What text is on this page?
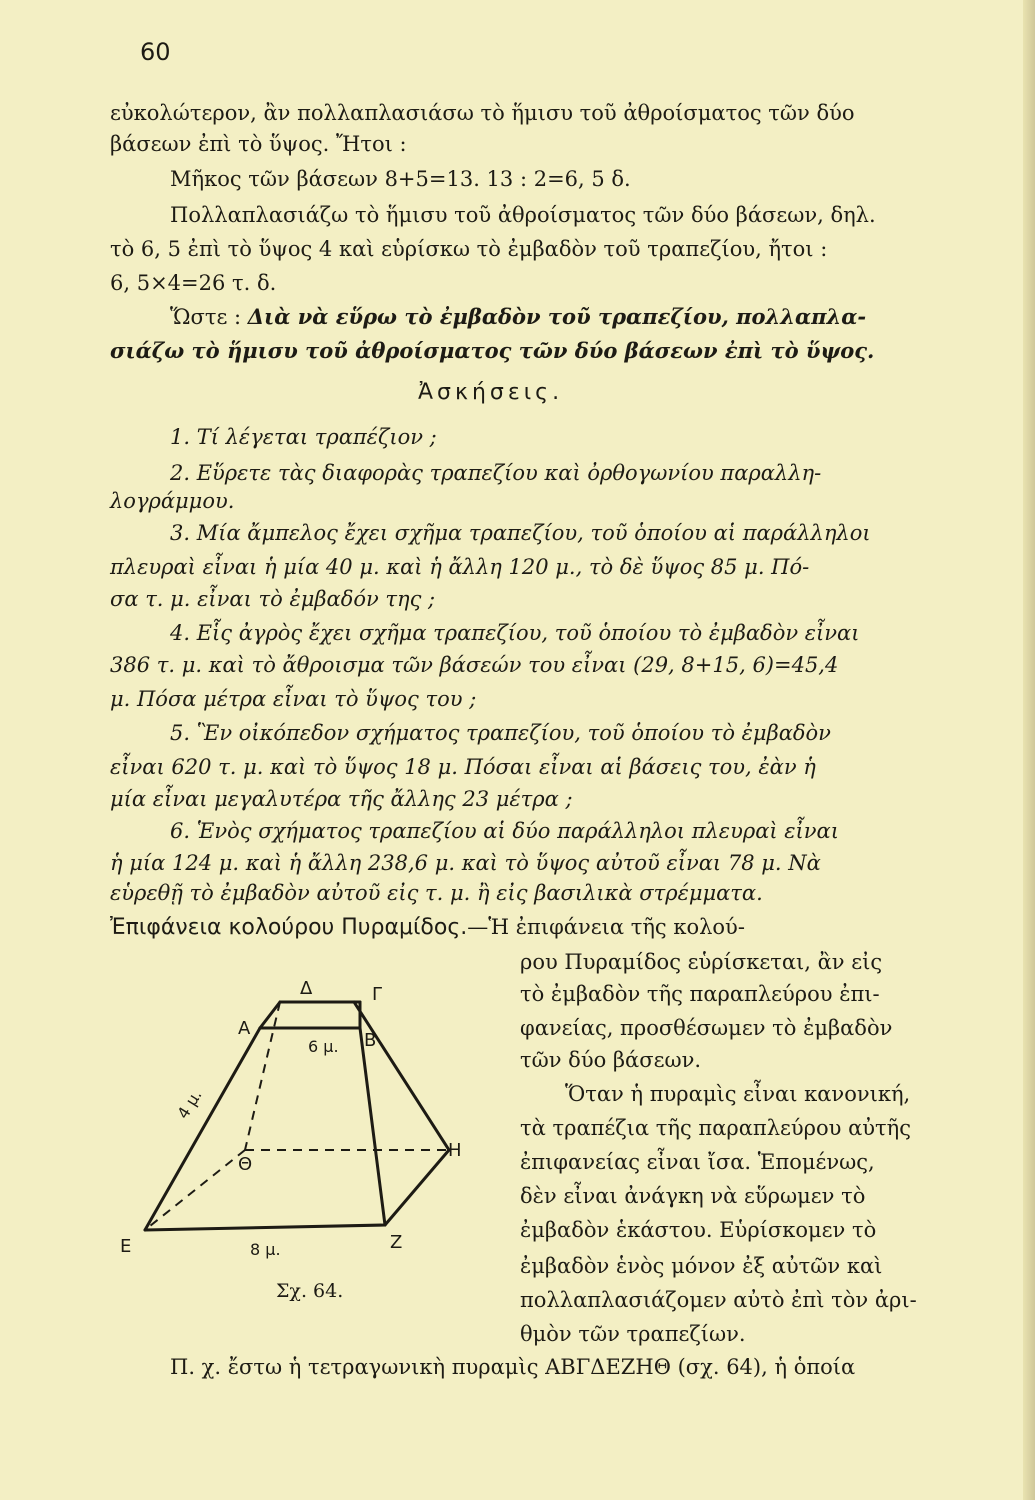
60
εὐκολώτερον, ἂν πολλαπλασιάσω τὸ ἥμισυ τοῦ ἀθροίσματος τῶν δύο
βάσεων ἐπὶ τὸ ὕψος. Ἤτοι :
Μῆκος τῶν βάσεων 8+5=13. 13 : 2=6, 5 δ.
Πολλαπλασιάζω τὸ ἥμισυ τοῦ ἀθροίσματος τῶν δύο βάσεων, δηλ.
τὸ 6, 5 ἐπὶ τὸ ὕψος 4 καὶ εὑρίσκω τὸ ἐμβαδὸν τοῦ τραπεζίου, ἤτοι :
6, 5×4=26 τ. δ.
Ὥστε : Διὰ νὰ εὕρω τὸ ἐμβαδὸν τοῦ τραπεζίου, πολλαπλα-
σιάζω τὸ ἥμισυ τοῦ ἀθροίσματος τῶν δύο βάσεων ἐπὶ τὸ ὕψος.
Ἀσκήσεις.
1. Τί λέγεται τραπέζιον ;
2. Εὕρετε τὰς διαφορὰς τραπεζίου καὶ ὀρθογωνίου παραλλη-
λογράμμου.
3. Μία ἄμπελος ἔχει σχῆμα τραπεζίου, τοῦ ὁποίου αἱ παράλληλοι
πλευραὶ εἶναι ἡ μία 40 μ. καὶ ἡ ἄλλη 120 μ., τὸ δὲ ὕψος 85 μ. Πό-
σα τ. μ. εἶναι τὸ ἐμβαδόν της ;
4. Εἷς ἀγρὸς ἔχει σχῆμα τραπεζίου, τοῦ ὁποίου τὸ ἐμβαδὸν εἶναι
386 τ. μ. καὶ τὸ ἄθροισμα τῶν βάσεών του εἶναι (29, 8+15, 6)=45,4
μ. Πόσα μέτρα εἶναι τὸ ὕψος του ;
5. Ἓν οἰκόπεδον σχήματος τραπεζίου, τοῦ ὁποίου τὸ ἐμβαδὸν
εἶναι 620 τ. μ. καὶ τὸ ὕψος 18 μ. Πόσαι εἶναι αἱ βάσεις του, ἐὰν ἡ
μία εἶναι μεγαλυτέρα τῆς ἄλλης 23 μέτρα ;
6. Ἑνὸς σχήματος τραπεζίου αἱ δύο παράλληλοι πλευραὶ εἶναι
ἡ μία 124 μ. καὶ ἡ ἄλλη 238,6 μ. καὶ τὸ ὕψος αὐτοῦ εἶναι 78 μ. Νὰ
εὑρεθῇ τὸ ἐμβαδὸν αὐτοῦ εἰς τ. μ. ἢ εἰς βασιλικὰ στρέμματα.
Ἐπιφάνεια κολούρου Πυραμίδος.—Ἡ ἐπιφάνεια τῆς κολού-
ρου Πυραμίδος εὑρίσκεται, ἂν εἰς
τὸ ἐμβαδὸν τῆς παραπλεύρου ἐπι-
φανείας, προσθέσωμεν τὸ ἐμβαδὸν
τῶν δύο βάσεων.
Ὅταν ἡ πυραμὶς εἶναι κανονική,
τὰ τραπέζια τῆς παραπλεύρου αὐτῆς
ἐπιφανείας εἶναι ἴσα. Ἑπομένως,
δὲν εἶναι ἀνάγκη νὰ εὕρωμεν τὸ
ἐμβαδὸν ἑκάστου. Εὑρίσκομεν τὸ
ἐμβαδὸν ἑνὸς μόνον ἐξ αὐτῶν καὶ
πολλαπλασιάζομεν αὐτὸ ἐπὶ τὸν ἀρι-
θμὸν τῶν τραπεζίων.
Π. χ. ἔστω ἡ τετραγωνικὴ πυραμὶς ΑΒΓΔΕΖΗΘ (σχ. 64), ἡ ὁποία
Δ	Γ
Α
Β
Η
Θ
Ε	Ζ
6 μ.
8 μ.
4 μ.
Σχ. 64.
